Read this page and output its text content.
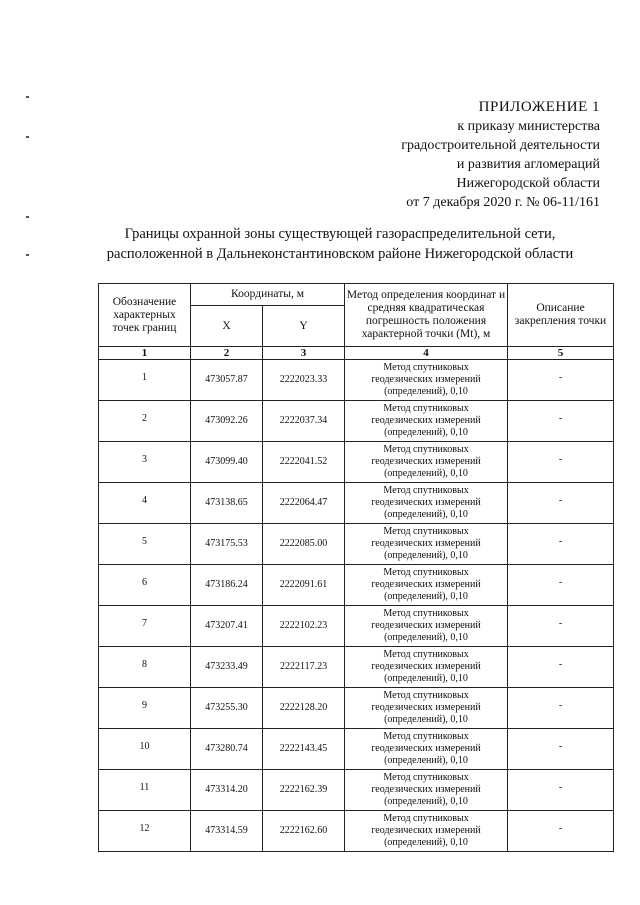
ПРИЛОЖЕНИЕ 1
к приказу министерства
градостроительной деятельности
и развития агломераций
Нижегородской области
от 7 декабря 2020 г. № 06-11/161
Границы охранной зоны существующей газораспределительной сети,
расположенной в Дальнеконстантиновском районе Нижегородской области
Обозначение характерных точек границ	Координаты, м		Метод определения координат и средняя квадратическая погрешность положения характерной точки (Mt), м	Описание закрепления точки
	X	Y		
1	2	3	4	5
1	473057.87	2222023.33	Метод спутниковых
геодезических измерений
(определений), 0,10	-
2	473092.26	2222037.34	Метод спутниковых
геодезических измерений
(определений), 0,10	-
3	473099.40	2222041.52	Метод спутниковых
геодезических измерений
(определений), 0,10	-
4	473138.65	2222064.47	Метод спутниковых
геодезических измерений
(определений), 0,10	-
5	473175.53	2222085.00	Метод спутниковых
геодезических измерений
(определений), 0,10	-
6	473186.24	2222091.61	Метод спутниковых
геодезических измерений
(определений), 0,10	-
7	473207.41	2222102.23	Метод спутниковых
геодезических измерений
(определений), 0,10	-
8	473233.49	2222117.23	Метод спутниковых
геодезических измерений
(определений), 0,10	-
9	473255.30	2222128.20	Метод спутниковых
геодезических измерений
(определений), 0,10	-
10	473280.74	2222143.45	Метод спутниковых
геодезических измерений
(определений), 0,10	-
11	473314.20	2222162.39	Метод спутниковых
геодезических измерений
(определений), 0,10	-
12	473314.59	2222162.60	Метод спутниковых
геодезических измерений
(определений), 0,10	-
